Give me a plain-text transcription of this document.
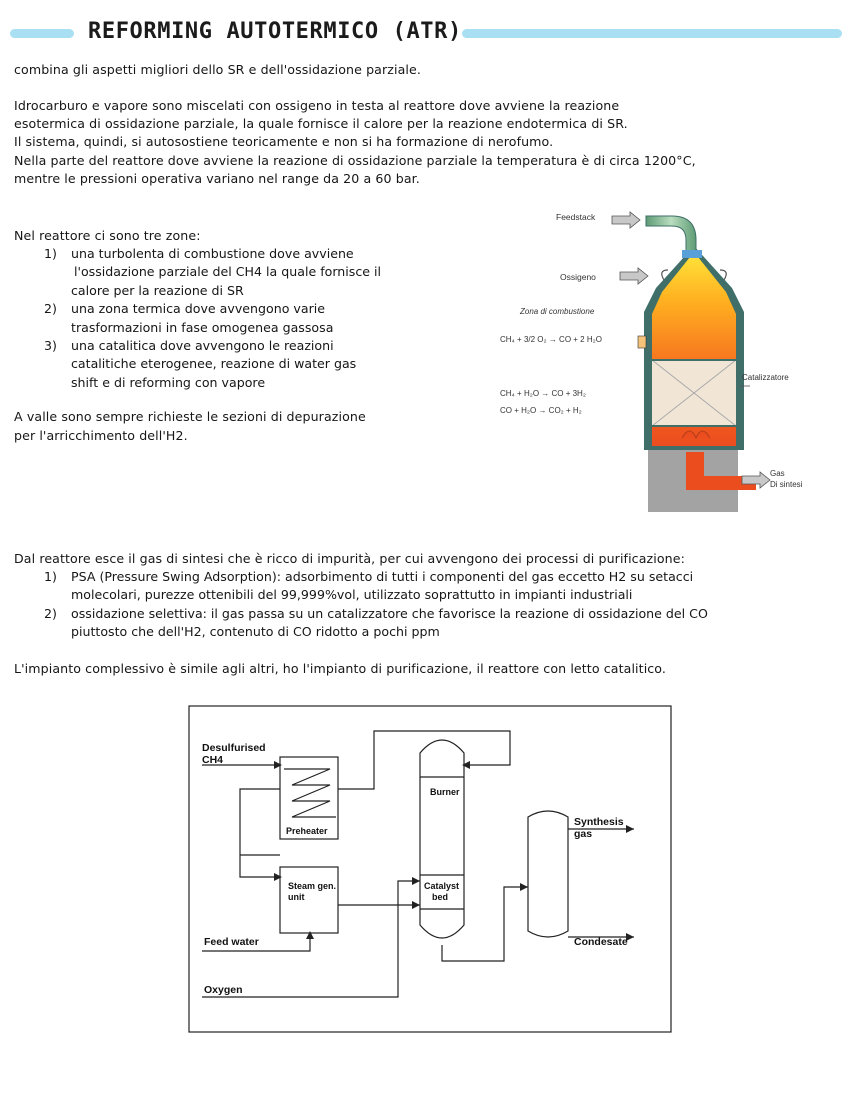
REFORMING AUTOTERMICO (ATR)

combina gli aspetti migliori dello SR e dell'ossidazione parziale.

Idrocarburo e vapore sono miscelati con ossigeno in testa al reattore dove avviene la reazione

esotermica di ossidazione parziale, la quale fornisce il calore per la reazione endotermica di SR.

Il sistema, quindi, si autosostiene teoricamente e non si ha formazione di nerofumo.

Nella parte del reattore dove avviene la reazione di ossidazione parziale la temperatura è di circa 1200°C,

mentre le pressioni operativa variano nel range da 20 a 60 bar.

Nel reattore ci sono tre zone:

1) una turbolenta di combustione dove avviene
l'ossidazione parziale del CH4 la quale fornisce il
calore per la reazione di SR
2) una zona termica dove avvengono varie
trasformazioni in fase omogenea gassosa
3) una catalitica dove avvengono le reazioni
catalitiche eterogenee, reazione di water gas
shift e di reforming con vapore

A valle sono sempre richieste le sezioni di depurazione

per l'arricchimento dell'H2.

Feedstack
Ossigeno
Zona di combustione
CH₄ + 3/2 O₂ → CO + 2 H₂O
Catalizzatore
CH₄ + H₂O → CO + 3H₂
CO + H₂O → CO₂ + H₂
Gas
Di sintesi

Dal reattore esce il gas di sintesi che è ricco di impurità, per cui avvengono dei processi di purificazione:

1) PSA (Pressure Swing Adsorption): adsorbimento di tutti i componenti del gas eccetto H2 su setacci
molecolari, purezze ottenibili del 99,999%vol, utilizzato soprattutto in impianti industriali
2) ossidazione selettiva: il gas passa su un catalizzatore che favorisce la reazione di ossidazione del CO
piuttosto che dell'H2, contenuto di CO ridotto a pochi ppm

L'impianto complessivo è simile agli altri, ho l'impianto di purificazione, il reattore con letto catalitico.

Desulfurised
CH4
Preheater
Burner
Steam gen.
unit
Catalyst
bed
Synthesis
gas
Condesate
Feed water
Oxygen
